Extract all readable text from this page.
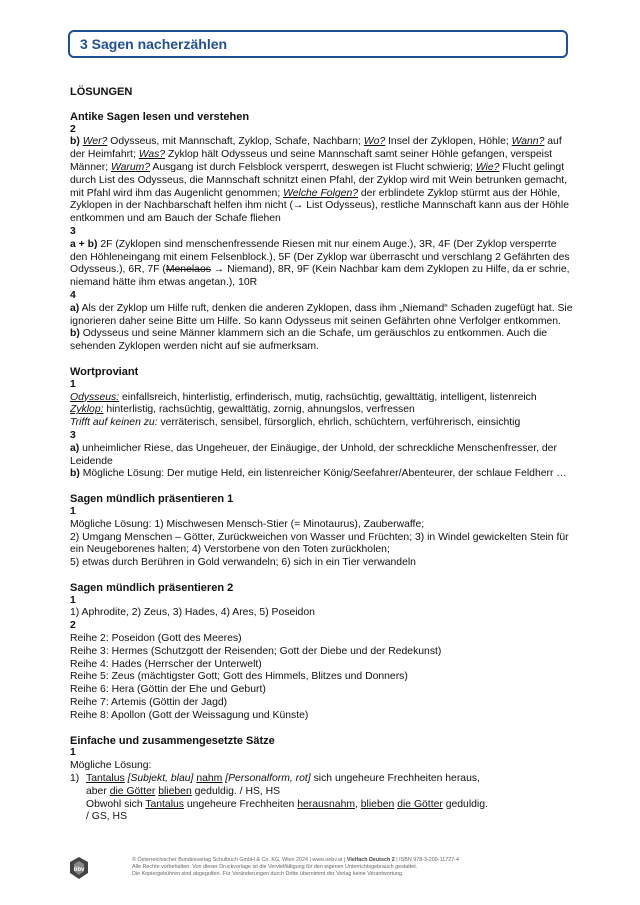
3 Sagen nacherzählen

LÖSUNGEN

Antike Sagen lesen und verstehen

2

b) Wer? Odysseus, mit Mannschaft, Zyklop, Schafe, Nachbarn; Wo? Insel der Zyklopen, Höhle; Wann? auf der Heimfahrt; Was? Zyklop hält Odysseus und seine Mannschaft samt seiner Höhle gefangen, verspeist Männer; Warum? Ausgang ist durch Felsblock versperrt, deswegen ist Flucht schwierig; Wie? Flucht gelingt durch List des Odysseus, die Mannschaft schnitzt einen Pfahl, der Zyklop wird mit Wein betrunken gemacht, mit Pfahl wird ihm das Augenlicht genommen; Welche Folgen? der erblindete Zyklop stürmt aus der Höhle, Zyklopen in der Nachbarschaft helfen ihm nicht (→ List Odysseus), restliche Mannschaft kann aus der Höhle entkommen und am Bauch der Schafe fliehen

3

a + b) 2F (Zyklopen sind menschenfressende Riesen mit nur einem Auge.), 3R, 4F (Der Zyklop versperrte den Höhleneingang mit einem Felsenblock.), 5F (Der Zyklop war überrascht und verschlang 2 Gefährten des Odysseus.), 6R, 7F (Menelaos → Niemand), 8R, 9F (Kein Nachbar kam dem Zyklopen zu Hilfe, da er schrie, niemand hätte ihm etwas angetan.), 10R

4

a) Als der Zyklop um Hilfe ruft, denken die anderen Zyklopen, dass ihm „Niemand“ Schaden zugefügt hat. Sie ignorieren daher seine Bitte um Hilfe. So kann Odysseus mit seinen Gefährten ohne Verfolger entkommen.

b) Odysseus und seine Männer klammern sich an die Schafe, um geräuschlos zu entkommen. Auch die sehenden Zyklopen werden nicht auf sie aufmerksam.

Wortproviant

1

Odysseus: einfallsreich, hinterlistig, erfinderisch, mutig, rachsüchtig, gewalttätig, intelligent, listenreich

Zyklop: hinterlistig, rachsüchtig, gewalttätig, zornig, ahnungslos, verfressen

Trifft auf keinen zu: verräterisch, sensibel, fürsorglich, ehrlich, schüchtern, verführerisch, einsichtig

3

a) unheimlicher Riese, das Ungeheuer, der Einäugige, der Unhold, der schreckliche Menschenfresser, der Leidende

b) Mögliche Lösung: Der mutige Held, ein listenreicher König/Seefahrer/Abenteurer, der schlaue Feldherr …

Sagen mündlich präsentieren 1

1

Mögliche Lösung: 1) Mischwesen Mensch-Stier (= Minotaurus), Zauberwaffe;

2) Umgang Menschen – Götter, Zurückweichen von Wasser und Früchten; 3) in Windel gewickelten Stein für ein Neugeborenes halten; 4) Verstorbene von den Toten zurückholen;

5) etwas durch Berühren in Gold verwandeln; 6) sich in ein Tier verwandeln

Sagen mündlich präsentieren 2

1

1) Aphrodite, 2) Zeus, 3) Hades, 4) Ares, 5) Poseidon

2

Reihe 2: Poseidon (Gott des Meeres)

Reihe 3: Hermes (Schutzgott der Reisenden; Gott der Diebe und der Redekunst)

Reihe 4: Hades (Herrscher der Unterwelt)

Reihe 5: Zeus (mächtigster Gott; Gott des Himmels, Blitzes und Donners)

Reihe 6: Hera (Göttin der Ehe und Geburt)

Reihe 7: Artemis (Göttin der Jagd)

Reihe 8: Apollon (Gott der Weissagung und Künste)

Einfache und zusammengesetzte Sätze

1

Mögliche Lösung:

1) Tantalus [Subjekt, blau] nahm [Personalform, rot] sich ungeheure Frechheiten heraus,

aber die Götter blieben geduldig. / HS, HS

Obwohl sich Tantalus ungeheure Frechheiten herausnahm, blieben die Götter geduldig.

/ GS, HS

öbv
© Österreichischer Bundesverlag Schulbuch GmbH & Co. KG, Wien 2024 | www.oebv.at | Vielfach Deutsch 2 | ISBN 978-3-209-11727-4
Alle Rechte vorbehalten. Von dieser Druckvorlage ist die Vervielfältigung für den eigenen Unterrichtsgebrauch gestattet.
Die Kopiergebühren sind abgegolten. Für Veränderungen durch Dritte übernimmt der Verlag keine Verantwortung.
